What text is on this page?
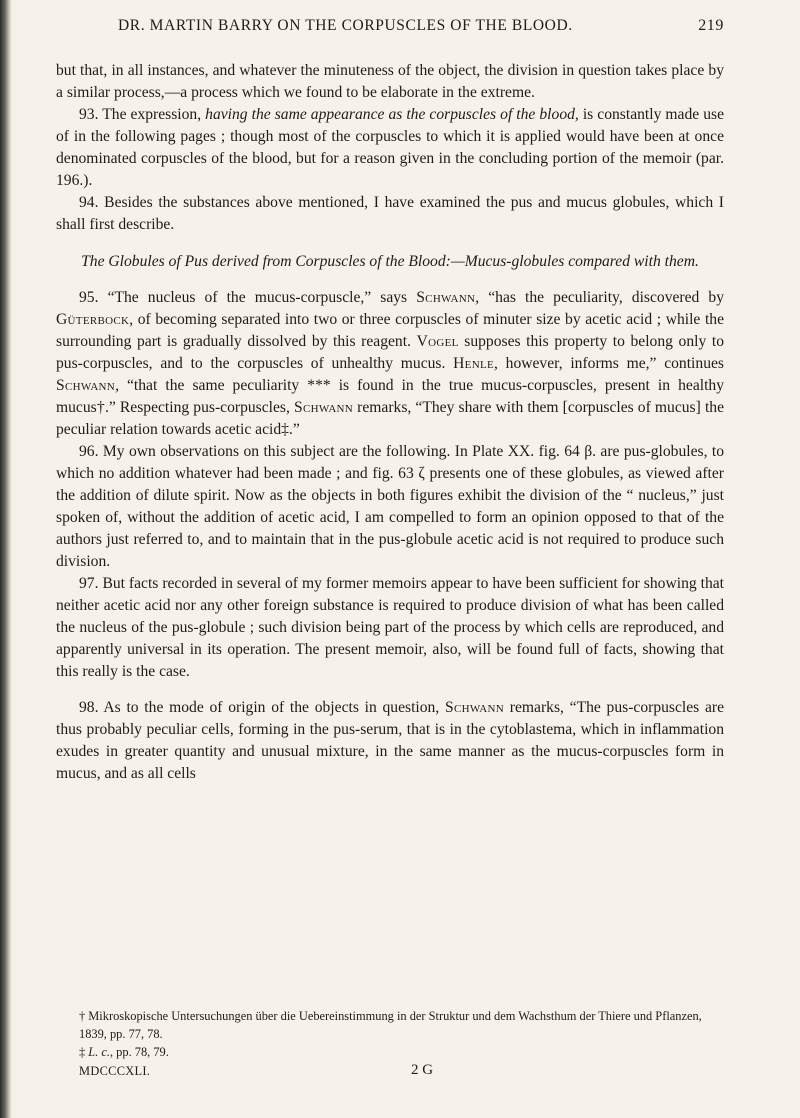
DR. MARTIN BARRY ON THE CORPUSCLES OF THE BLOOD.	219

but that, in all instances, and whatever the minuteness of the object, the division in question takes place by a similar process,—a process which we found to be elaborate in the extreme.

93. The expression, having the same appearance as the corpuscles of the blood, is constantly made use of in the following pages ; though most of the corpuscles to which it is applied would have been at once denominated corpuscles of the blood, but for a reason given in the concluding portion of the memoir (par. 196.).

94. Besides the substances above mentioned, I have examined the pus and mucus globules, which I shall first describe.

The Globules of Pus derived from Corpuscles of the Blood:—Mucus-globules compared with them.

95. “The nucleus of the mucus-corpuscle,” says Schwann, “has the peculiarity, discovered by Güterbock, of becoming separated into two or three corpuscles of minuter size by acetic acid ; while the surrounding part is gradually dissolved by this reagent. Vogel supposes this property to belong only to pus-corpuscles, and to the corpuscles of unhealthy mucus. Henle, however, informs me,” continues Schwann, “that the same peculiarity *** is found in the true mucus-corpuscles, present in healthy mucus†.” Respecting pus-corpuscles, Schwann remarks, “They share with them [corpuscles of mucus] the peculiar relation towards acetic acid‡.”

96. My own observations on this subject are the following. In Plate XX. fig. 64 β. are pus-globules, to which no addition whatever had been made ; and fig. 63 ζ presents one of these globules, as viewed after the addition of dilute spirit. Now as the objects in both figures exhibit the division of the “ nucleus,” just spoken of, without the addition of acetic acid, I am compelled to form an opinion opposed to that of the authors just referred to, and to maintain that in the pus-globule acetic acid is not required to produce such division.

97. But facts recorded in several of my former memoirs appear to have been sufficient for showing that neither acetic acid nor any other foreign substance is required to produce division of what has been called the nucleus of the pus-globule ; such division being part of the process by which cells are reproduced, and apparently universal in its operation. The present memoir, also, will be found full of facts, showing that this really is the case.

98. As to the mode of origin of the objects in question, Schwann remarks, “The pus-corpuscles are thus probably peculiar cells, forming in the pus-serum, that is in the cytoblastema, which in inflammation exudes in greater quantity and unusual mixture, in the same manner as the mucus-corpuscles form in mucus, and as all cells

† Mikroskopische Untersuchungen über die Uebereinstimmung in der Struktur und dem Wachsthum der Thiere und Pflanzen, 1839, pp. 77, 78.

‡ L. c., pp. 78, 79.

MDCCCXLI.	2 G
